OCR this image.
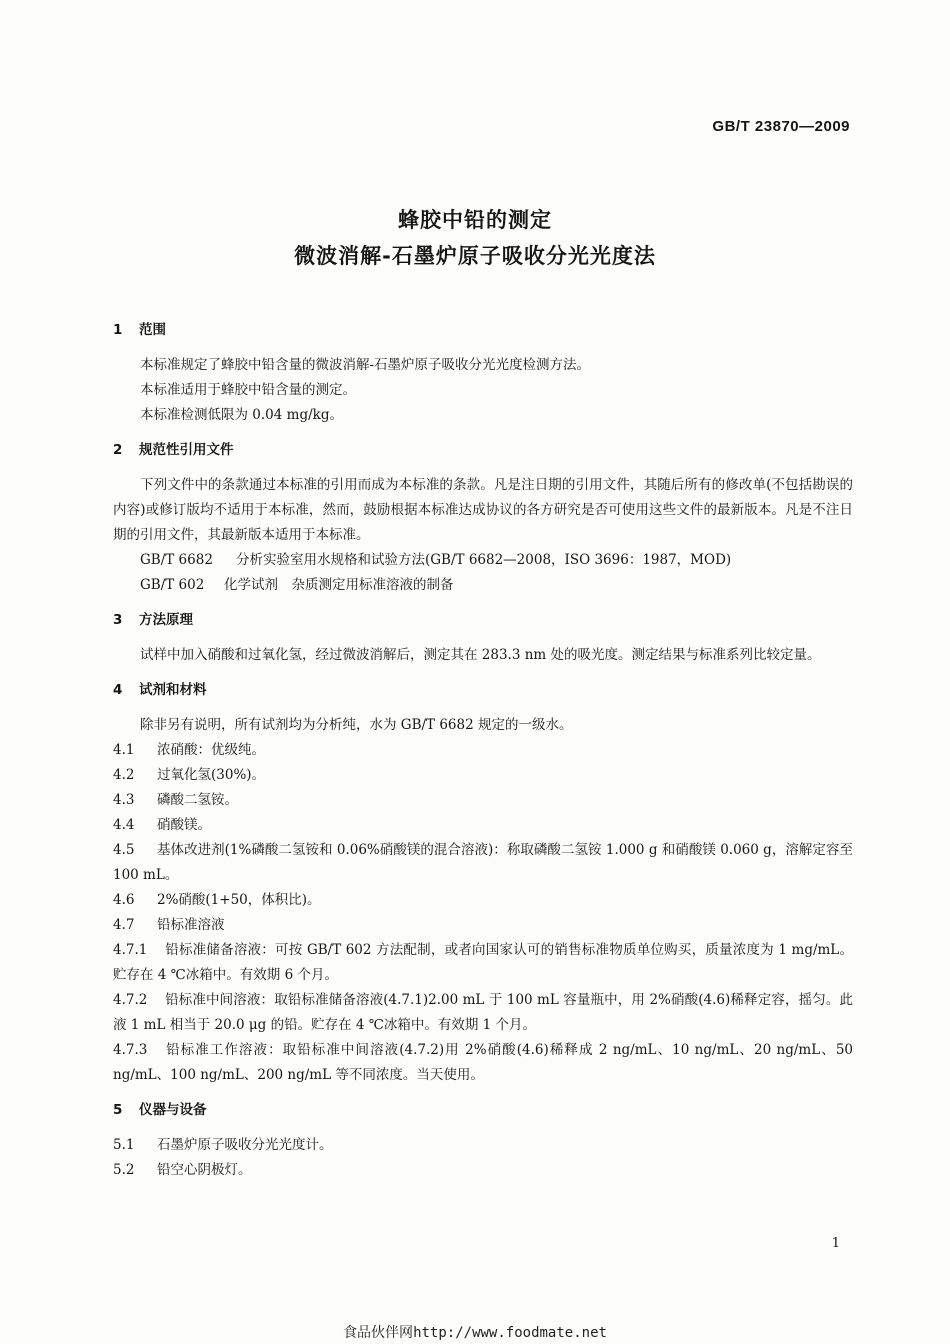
GB/T 23870—2009
蜂胶中铅的测定
微波消解-石墨炉原子吸收分光光度法
1 范围

本标准规定了蜂胶中铅含量的微波消解-石墨炉原子吸收分光光度检测方法。

本标准适用于蜂胶中铅含量的测定。

本标准检测低限为 0.04 mg/kg。

2 规范性引用文件

下列文件中的条款通过本标准的引用而成为本标准的条款。凡是注日期的引用文件，其随后所有的修改单(不包括勘误的内容)或修订版均不适用于本标准，然而，鼓励根据本标准达成协议的各方研究是否可使用这些文件的最新版本。凡是不注日期的引用文件，其最新版本适用于本标准。

GB/T 6682 分析实验室用水规格和试验方法(GB/T 6682—2008，ISO 3696：1987，MOD)

GB/T 602 化学试剂　杂质测定用标准溶液的制备

3 方法原理

试样中加入硝酸和过氧化氢，经过微波消解后，测定其在 283.3 nm 处的吸光度。测定结果与标准系列比较定量。

4 试剂和材料

除非另有说明，所有试剂均为分析纯，水为 GB/T 6682 规定的一级水。

4.1 浓硝酸：优级纯。

4.2 过氧化氢(30%)。

4.3 磷酸二氢铵。

4.4 硝酸镁。

4.5 基体改进剂(1%磷酸二氢铵和 0.06%硝酸镁的混合溶液)：称取磷酸二氢铵 1.000 g 和硝酸镁 0.060 g，溶解定容至 100 mL。

4.6 2%硝酸(1+50，体积比)。

4.7 铅标准溶液

4.7.1 铅标准储备溶液：可按 GB/T 602 方法配制，或者向国家认可的销售标准物质单位购买，质量浓度为 1 mg/mL。贮存在 4 ℃冰箱中。有效期 6 个月。

4.7.2 铅标准中间溶液：取铅标准储备溶液(4.7.1)2.00 mL 于 100 mL 容量瓶中，用 2%硝酸(4.6)稀释定容，摇匀。此液 1 mL 相当于 20.0 μg 的铅。贮存在 4 ℃冰箱中。有效期 1 个月。

4.7.3 铅标准工作溶液：取铅标准中间溶液(4.7.2)用 2%硝酸(4.6)稀释成 2 ng/mL、10 ng/mL、20 ng/mL、50 ng/mL、100 ng/mL、200 ng/mL 等不同浓度。当天使用。

5 仪器与设备

5.1 石墨炉原子吸收分光光度计。

5.2 铅空心阴极灯。

1
食品伙伴网http://www.foodmate.net
